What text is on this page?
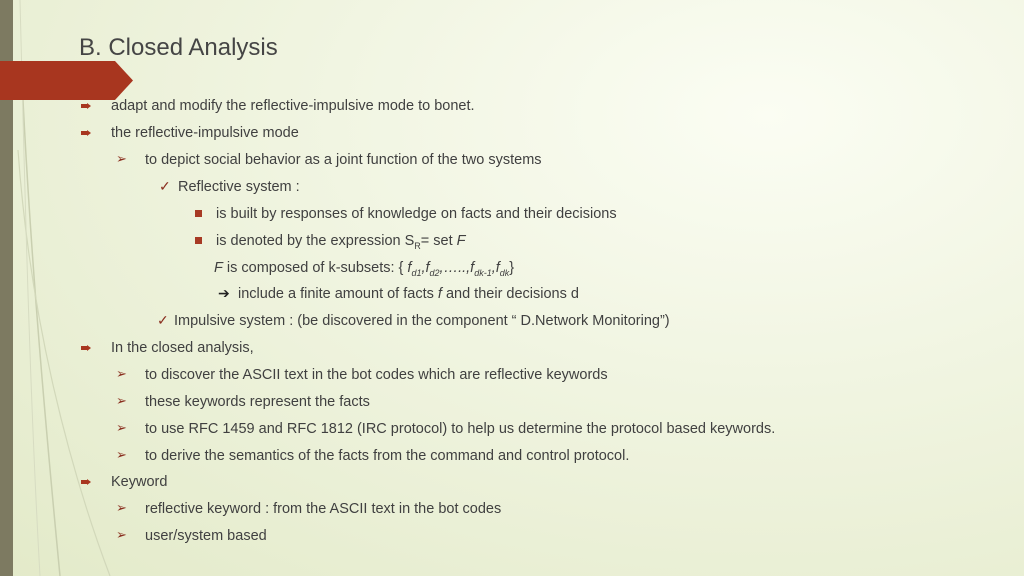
B. Closed Analysis
adapt and modify the reflective-impulsive mode to bonet.
the reflective-impulsive mode
➢ to depict social behavior as a joint function of the two systems
✓ Reflective system :
is built by responses of knowledge on facts and their decisions
is denoted by the expression $S_R=$ set F
F is composed of k-subsets: { $f_{d1},f_{d2},\dots..,f_{dk-1},f_{dk}$}
➔ include a finite amount of facts f and their decisions d
✓ Impulsive system : (be discovered in the component “ D.Network Monitoring”)
In the closed analysis,
➢ to discover the ASCII text in the bot codes which are reflective keywords
➢ these keywords represent the facts
➢ to use RFC 1459 and RFC 1812 (IRC protocol) to help us determine the protocol based keywords.
➢ to derive the semantics of the facts from the command and control protocol.
Keyword
➢ reflective keyword : from the ASCII text in the bot codes
➢ user/system based
